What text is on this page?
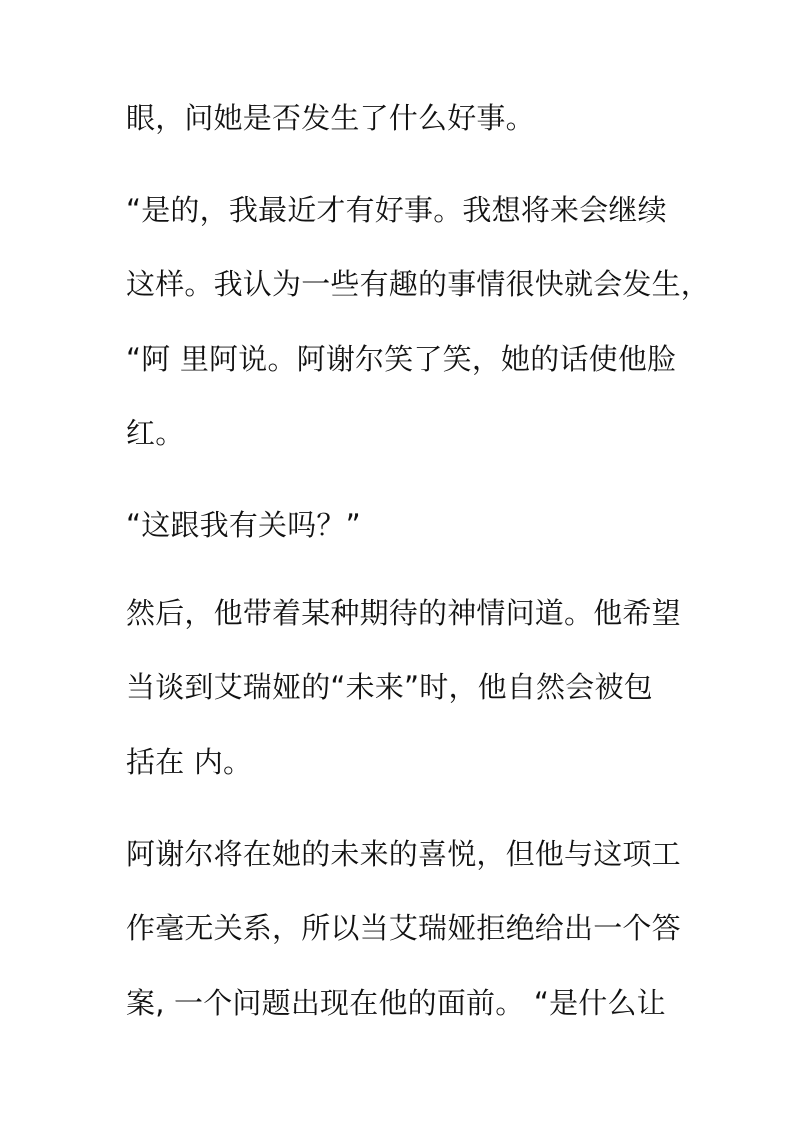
眼，问她是否发生了什么好事。

“是的，我最近才有好事。我想将来会继续

这样。我认为一些有趣的事情很快就会发生，

“阿 里阿说。阿谢尔笑了笑，她的话使他脸

红。

“这跟我有关吗？”

然后，他带着某种期待的神情问道。他希望

当谈到艾瑞娅的“未来”时，他自然会被包

括在 内。

阿谢尔将在她的未来的喜悦，但他与这项工

作毫无关系，所以当艾瑞娅拒绝给出一个答

案, 一个问题出现在他的面前。 “是什么让
